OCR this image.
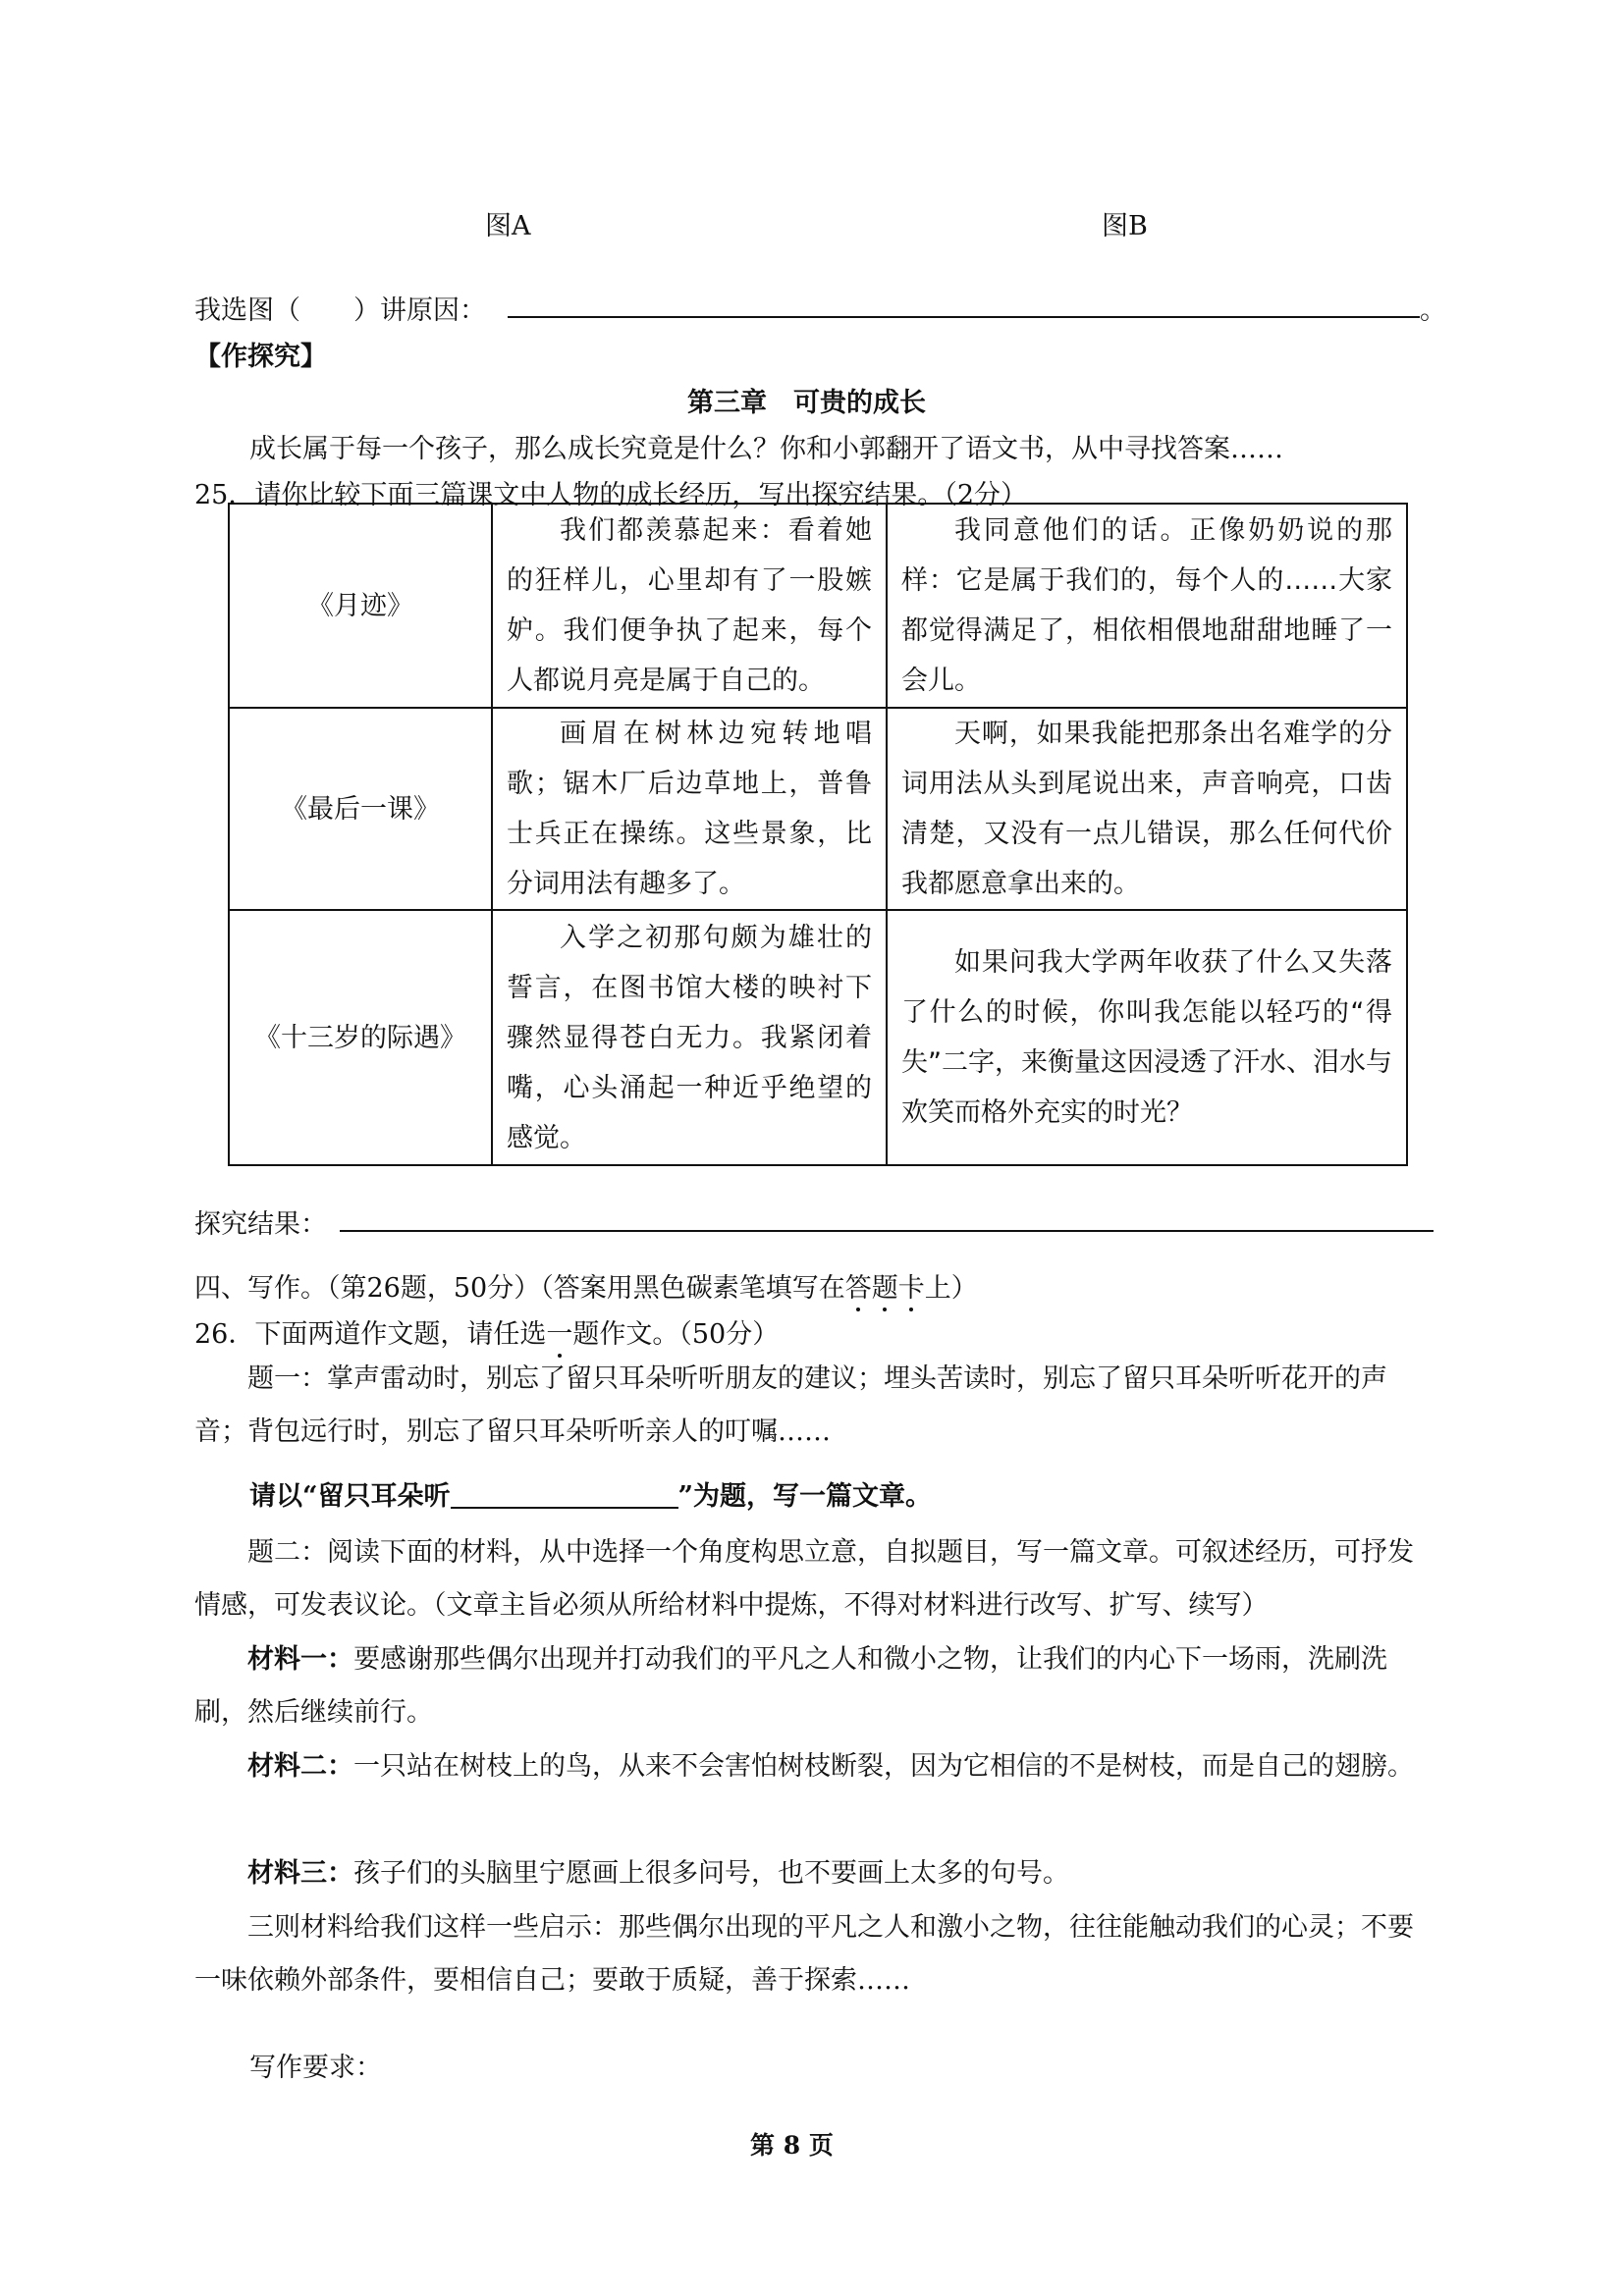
图A	图B
我选图（　　）讲原因：	。
【作探究】
第三章　可贵的成长
成长属于每一个孩子，那么成长究竟是什么？你和小郭翻开了语文书，从中寻找答案……
25．请你比较下面三篇课文中人物的成长经历，写出探究结果。（2分）
《月迹》	我们都羡慕起来：看着她的狂样儿，心里却有了一股嫉妒。我们便争执了起来，每个人都说月亮是属于自己的。	我同意他们的话。正像奶奶说的那样：它是属于我们的，每个人的……大家都觉得满足了，相依相偎地甜甜地睡了一会儿。
《最后一课》	画眉在树林边宛转地唱歌；锯木厂后边草地上，普鲁士兵正在操练。这些景象，比分词用法有趣多了。	天啊，如果我能把那条出名难学的分词用法从头到尾说出来，声音响亮，口齿清楚，又没有一点儿错误，那么任何代价我都愿意拿出来的。
《十三岁的际遇》	入学之初那句颇为雄壮的誓言，在图书馆大楼的映衬下骤然显得苍白无力。我紧闭着嘴，心头涌起一种近乎绝望的感觉。	如果问我大学两年收获了什么又失落了什么的时候，你叫我怎能以轻巧的“得失”二字，来衡量这因浸透了汗水、泪水与欢笑而格外充实的时光？
探究结果：
四、写作。（第26题，50分）（答案用黑色碳素笔填写在答题卡上）
26．下面两道作文题，请任选一题作文。（50分）
题一：掌声雷动时，别忘了留只耳朵听听朋友的建议；埋头苦读时，别忘了留只耳朵听听花开的声音；背包远行时，别忘了留只耳朵听听亲人的叮嘱……
请以“留只耳朵听	”为题，写一篇文章。
题二：阅读下面的材料，从中选择一个角度构思立意，自拟题目，写一篇文章。可叙述经历，可抒发情感，可发表议论。（文章主旨必须从所给材料中提炼，不得对材料进行改写、扩写、续写）
材料一：要感谢那些偶尔出现并打动我们的平凡之人和微小之物，让我们的内心下一场雨，洗刷洗刷，然后继续前行。
材料二：一只站在树枝上的鸟，从来不会害怕树枝断裂，因为它相信的不是树枝，而是自己的翅膀。
材料三：孩子们的头脑里宁愿画上很多问号，也不要画上太多的句号。
三则材料给我们这样一些启示：那些偶尔出现的平凡之人和激小之物，往往能触动我们的心灵；不要一味依赖外部条件，要相信自己；要敢于质疑，善于探索……
写作要求：
第 8 页
